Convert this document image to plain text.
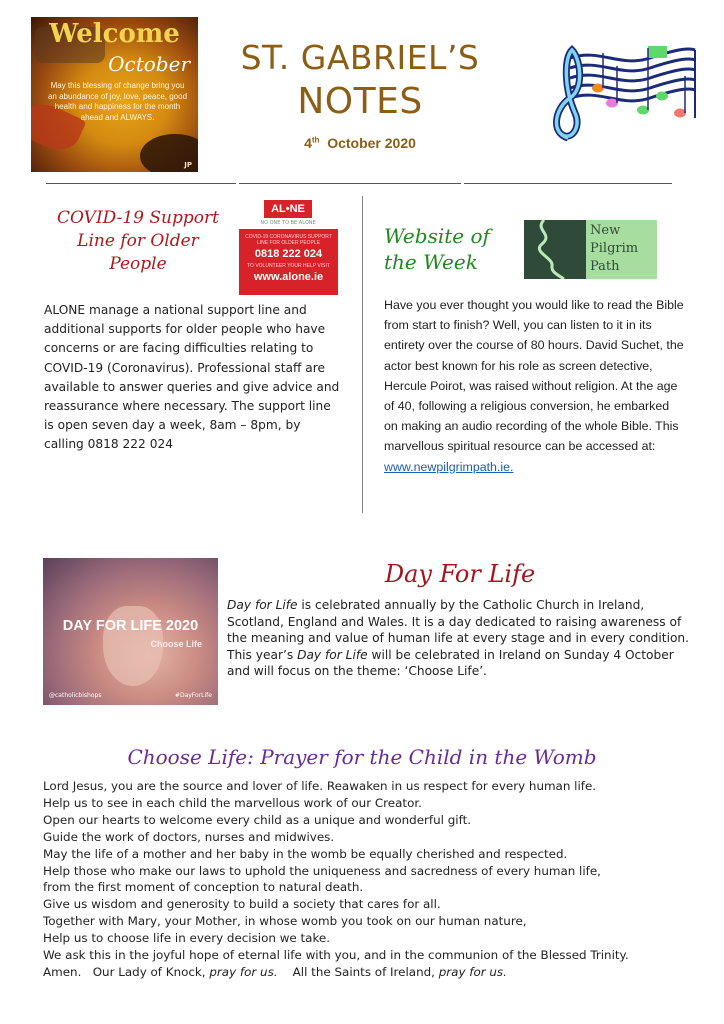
Welcome
October
May this blessing of change bring you an abundance of joy, love, peace, good health and happiness for the month ahead and ALWAYS.
JP
ST. GABRIEL’S
NOTES
4th October 2020
COVID-19 Support Line for Older People
AL•NE
NO ONE TO BE ALONE
COVID-19 CORONAVIRUS SUPPORT LINE FOR OLDER PEOPLE
0818 222 024
TO VOLUNTEER YOUR HELP VISIT
www.alone.ie
ALONE manage a national support line and additional supports for older people who have concerns or are facing difficulties relating to COVID-19 (Coronavirus). Professional staff are available to answer queries and give advice and reassurance where necessary. The support line is open seven day a week, 8am – 8pm, by calling 0818 222 024
Website of
the Week
New
Pilgrim
Path
Have you ever thought you would like to read the Bible from start to finish? Well, you can listen to it in its entirety over the course of 80 hours. David Suchet, the actor best known for his role as screen detective, Hercule Poirot, was raised without religion. At the age of 40, following a religious conversion, he embarked on making an audio recording of the whole Bible. This marvellous spiritual resource can be accessed at: www.newpilgrimpath.ie.
DAY FOR LIFE 2020
Choose Life
@catholicbishops	#DayForLife
Day For Life
Day for Life is celebrated annually by the Catholic Church in Ireland, Scotland, England and Wales. It is a day dedicated to raising awareness of the meaning and value of human life at every stage and in every condition.
This year’s Day for Life will be celebrated in Ireland on Sunday 4 October and will focus on the theme: ‘Choose Life’.
Choose Life: Prayer for the Child in the Womb
Lord Jesus, you are the source and lover of life. Reawaken in us respect for every human life.
Help us to see in each child the marvellous work of our Creator.
Open our hearts to welcome every child as a unique and wonderful gift.
Guide the work of doctors, nurses and midwives.
May the life of a mother and her baby in the womb be equally cherished and respected.
Help those who make our laws to uphold the uniqueness and sacredness of every human life,
from the first moment of conception to natural death.
Give us wisdom and generosity to build a society that cares for all.
Together with Mary, your Mother, in whose womb you took on our human nature,
Help us to choose life in every decision we take.
We ask this in the joyful hope of eternal life with you, and in the communion of the Blessed Trinity.
Amen.   Our Lady of Knock, pray for us.    All the Saints of Ireland, pray for us.
